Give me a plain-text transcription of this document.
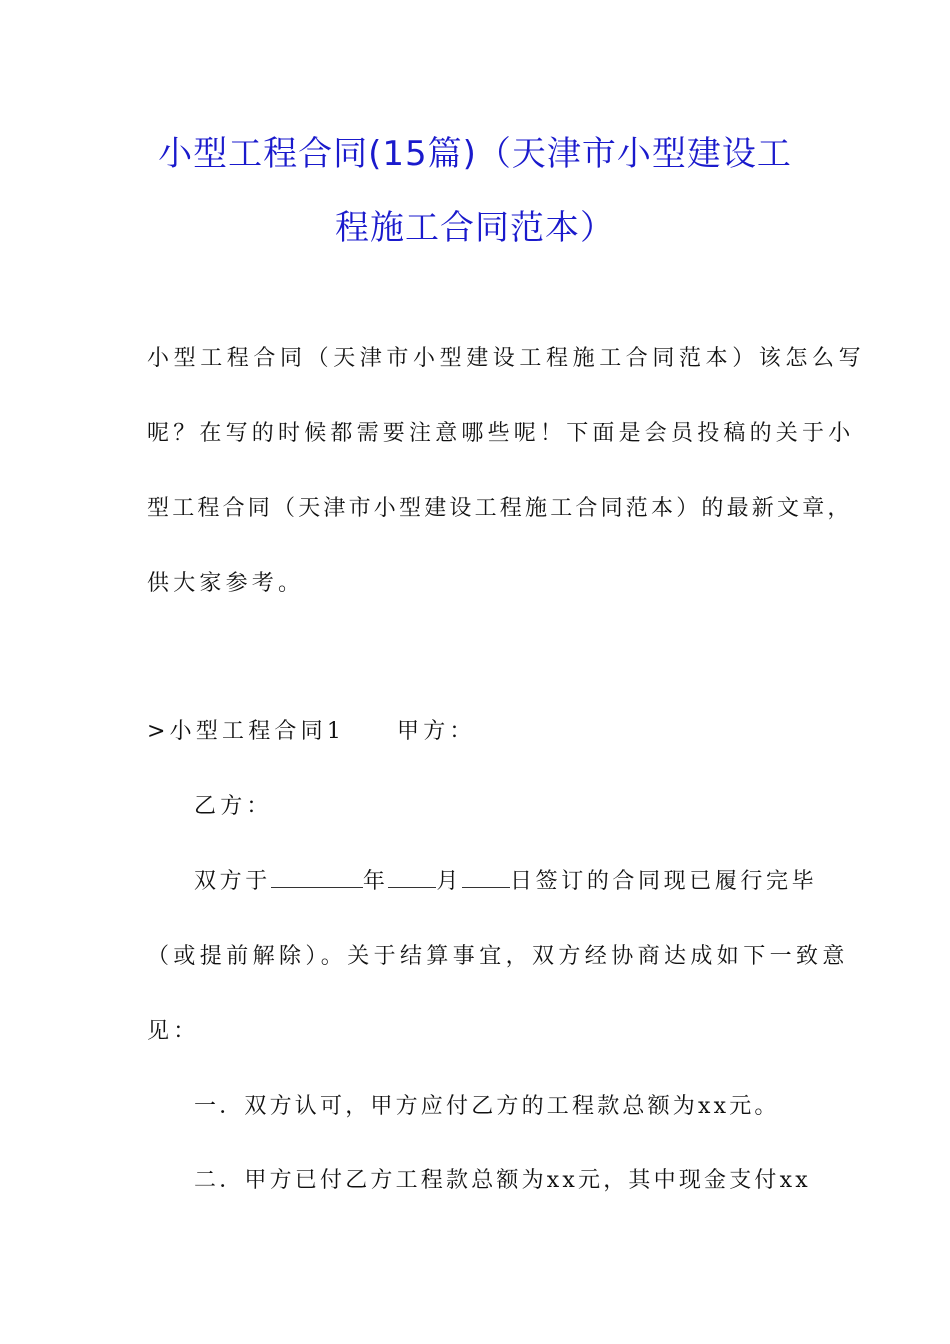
小型工程合同(15篇)（天津市小型建设工
程施工合同范本）
小型工程合同（天津市小型建设工程施工合同范本）该怎么写
呢？在写的时候都需要注意哪些呢！下面是会员投稿的关于小
型工程合同（天津市小型建设工程施工合同范本）的最新文章，
供大家参考。
>小型工程合同1 甲方：
乙方：
双方于	年 月 日签订的合同现已履行完毕
（或提前解除）。关于结算事宜，双方经协商达成如下一致意
见：
一．双方认可，甲方应付乙方的工程款总额为xx元。
二．甲方已付乙方工程款总额为xx元，其中现金支付xx
